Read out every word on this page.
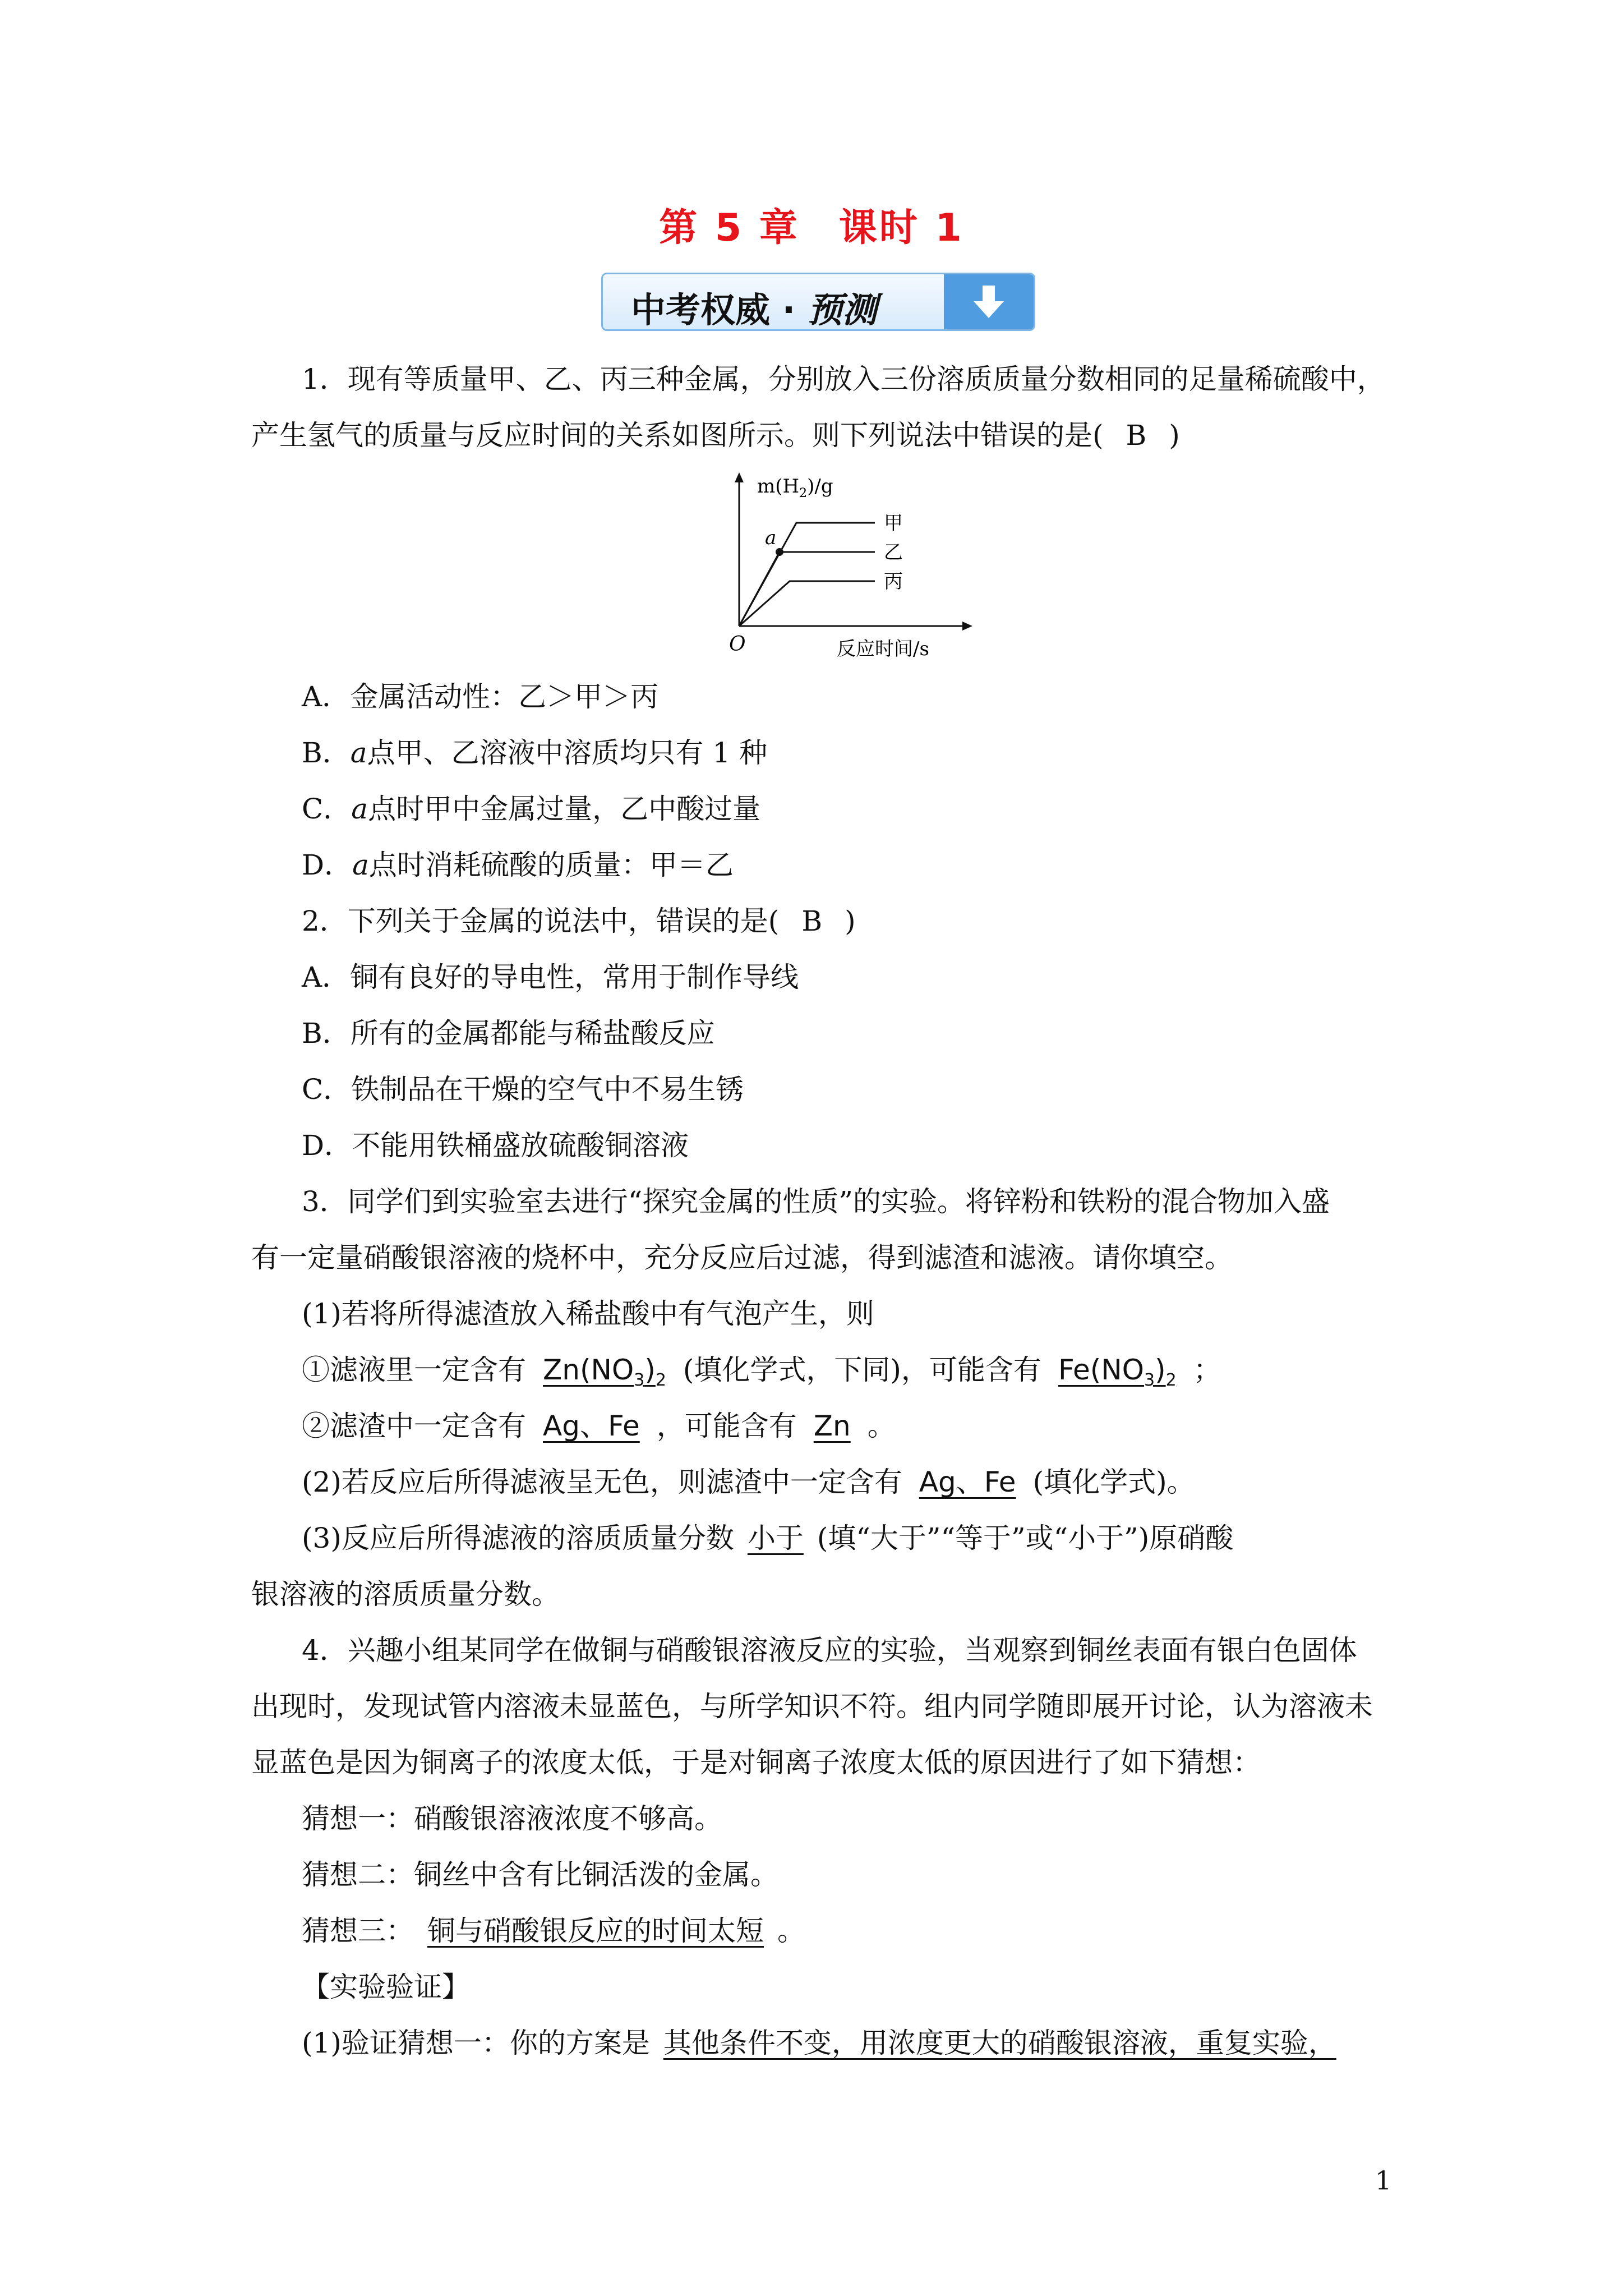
第 5 章 课时 1
中考权威 · 预测
1．现有等质量甲、乙、丙三种金属，分别放入三份溶质质量分数相同的足量稀硫酸中，
产生氢气的质量与反应时间的关系如图所示。则下列说法中错误的是( B )
$m(H_2)/g$
a
甲
乙
丙
O	反应时间/s
A．金属活动性：乙＞甲＞丙
B．a点甲、乙溶液中溶质均只有 1 种
C．a点时甲中金属过量，乙中酸过量
D．a点时消耗硫酸的质量：甲＝乙
2．下列关于金属的说法中，错误的是( B )
A．铜有良好的导电性，常用于制作导线
B．所有的金属都能与稀盐酸反应
C．铁制品在干燥的空气中不易生锈
D．不能用铁桶盛放硫酸铜溶液
3．同学们到实验室去进行“探究金属的性质”的实验。将锌粉和铁粉的混合物加入盛
有一定量硝酸银溶液的烧杯中，充分反应后过滤，得到滤渣和滤液。请你填空。
(1)若将所得滤渣放入稀盐酸中有气泡产生，则
①滤液里一定含有 $Zn(NO_3)_2$ (填化学式，下同)，可能含有 $Fe(NO_3)_2$ ；
②滤渣中一定含有 Ag、Fe ，可能含有 Zn 。
(2)若反应后所得滤液呈无色，则滤渣中一定含有 Ag、Fe (填化学式)。
(3)反应后所得滤液的溶质质量分数 小于 (填“大于”“等于”或“小于”)原硝酸
银溶液的溶质质量分数。
4．兴趣小组某同学在做铜与硝酸银溶液反应的实验，当观察到铜丝表面有银白色固体
出现时，发现试管内溶液未显蓝色，与所学知识不符。组内同学随即展开讨论，认为溶液未
显蓝色是因为铜离子的浓度太低，于是对铜离子浓度太低的原因进行了如下猜想：
猜想一：硝酸银溶液浓度不够高。
猜想二：铜丝中含有比铜活泼的金属。
猜想三： 铜与硝酸银反应的时间太短 。
【实验验证】
(1)验证猜想一：你的方案是 其他条件不变，用浓度更大的硝酸银溶液，重复实验，
1
